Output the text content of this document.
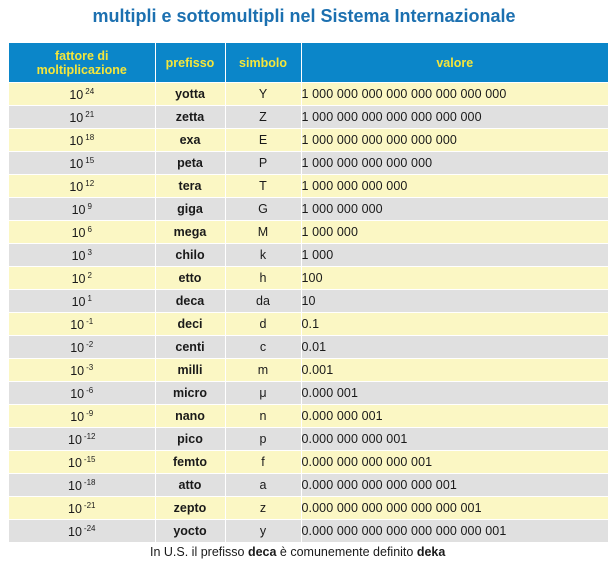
multipli e sottomultipli nel Sistema Internazionale
fattore di moltiplicazione	prefisso	simbolo	valore
10 $^{24}$	yotta	Y	1 000 000 000 000 000 000 000 000
10 $^{21}$	zetta	Z	1 000 000 000 000 000 000 000
10 $^{18}$	exa	E	1 000 000 000 000 000 000
10 $^{15}$	peta	P	1 000 000 000 000 000
10 $^{12}$	tera	T	1 000 000 000 000
10 $^9$	giga	G	1 000 000 000
10 $^6$	mega	M	1 000 000
10 $^3$	chilo	k	1 000
10 $^2$	etto	h	100
10 $^1$	deca	da	10
10 $^{-1}$	deci	d	0.1
10 $^{-2}$	centi	c	0.01
10 $^{-3}$	milli	m	0.001
10 $^{-6}$	micro	μ	0.000 001
10 $^{-9}$	nano	n	0.000 000 001
10 $^{-12}$	pico	p	0.000 000 000 001
10 $^{-15}$	femto	f	0.000 000 000 000 001
10 $^{-18}$	atto	a	0.000 000 000 000 000 001
10 $^{-21}$	zepto	z	0.000 000 000 000 000 000 001
10 $^{-24}$	yocto	y	0.000 000 000 000 000 000 000 001
In U.S. il prefisso deca è comunemente definito deka
